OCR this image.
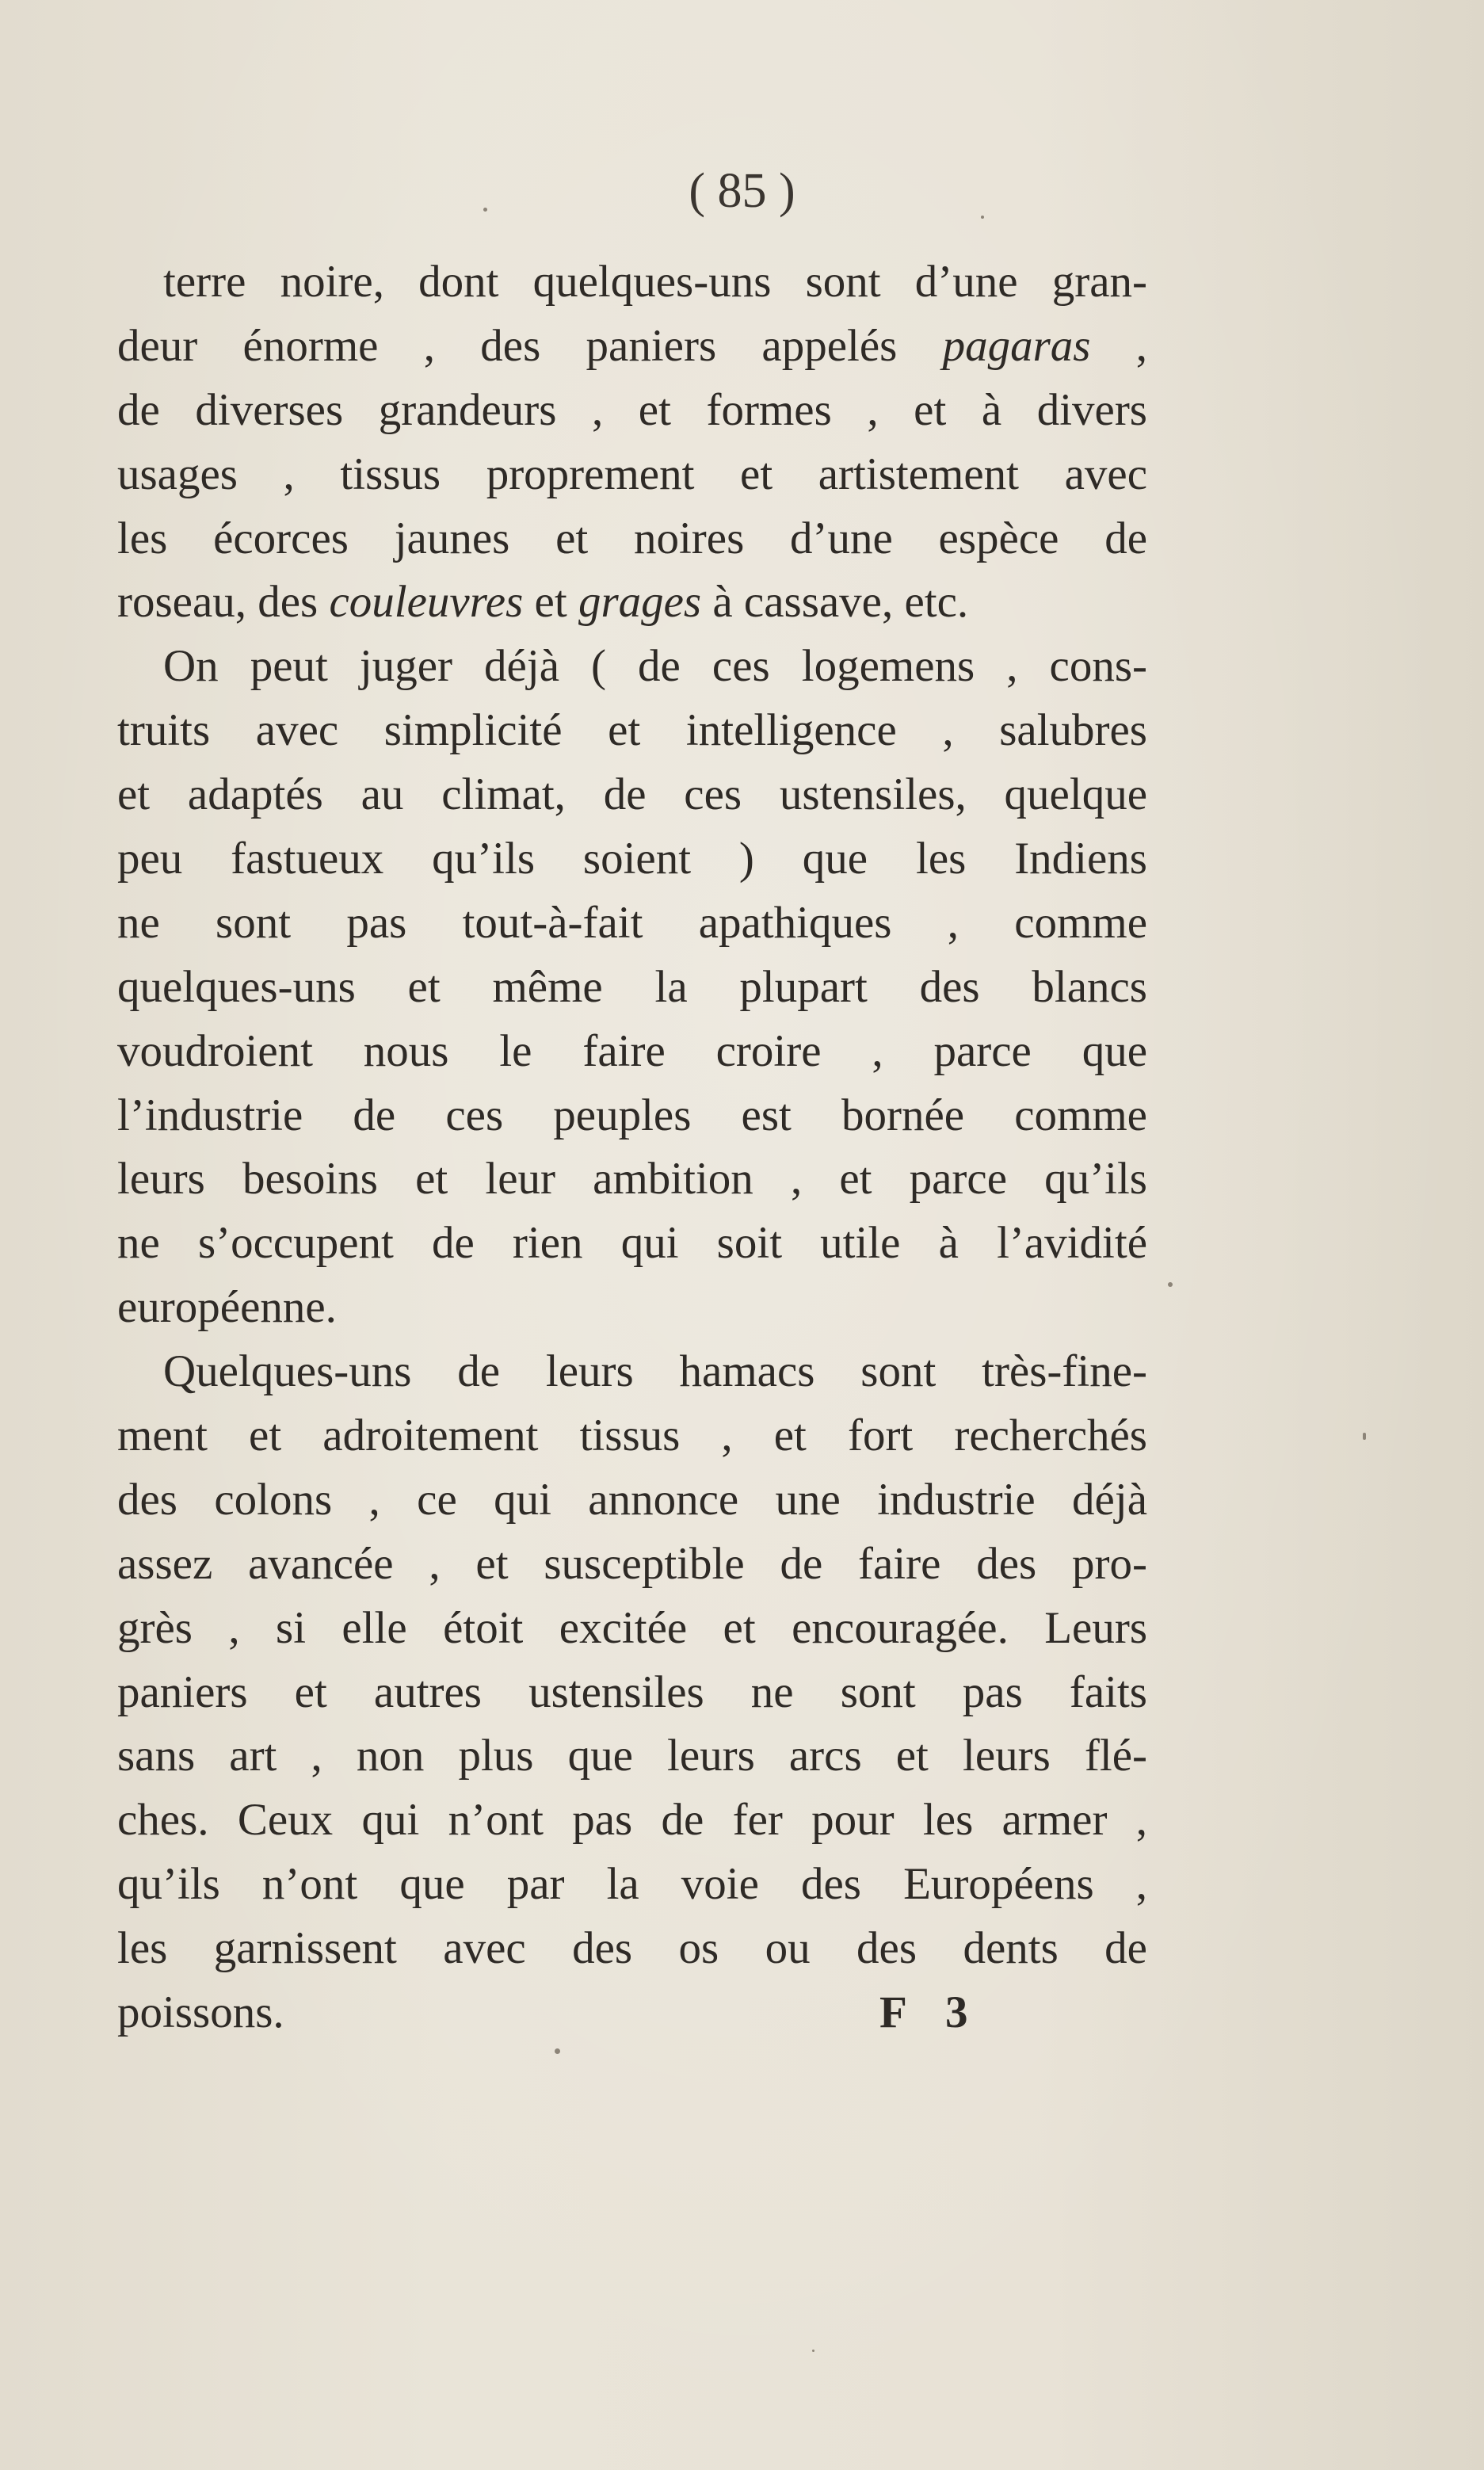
( 85 )
terre noire, dont quelques-uns sont d’une gran-
deur énorme , des paniers appelés pagaras ,
de diverses grandeurs , et formes , et à divers
usages , tissus proprement et artistement avec
les écorces jaunes et noires d’une espèce de
roseau, des couleuvres et grages à cassave, etc.
On peut juger déjà ( de ces logemens , cons-
truits avec simplicité et intelligence , salubres
et adaptés au climat, de ces ustensiles, quelque
peu fastueux qu’ils soient ) que les Indiens
ne sont pas tout-à-fait apathiques , comme
quelques-uns et même la plupart des blancs
voudroient nous le faire croire , parce que
l’industrie de ces peuples est bornée comme
leurs besoins et leur ambition , et parce qu’ils
ne s’occupent de rien qui soit utile à l’avidité
européenne.
Quelques-uns de leurs hamacs sont très-fine-
ment et adroitement tissus , et fort recherchés
des colons , ce qui annonce une industrie déjà
assez avancée , et susceptible de faire des pro-
grès , si elle étoit excitée et encouragée. Leurs
paniers et autres ustensiles ne sont pas faits
sans art , non plus que leurs arcs et leurs flé-
ches. Ceux qui n’ont pas de fer pour les armer ,
qu’ils n’ont que par la voie des Européens ,
les garnissent avec des os ou des dents de
poissons.	F 3
